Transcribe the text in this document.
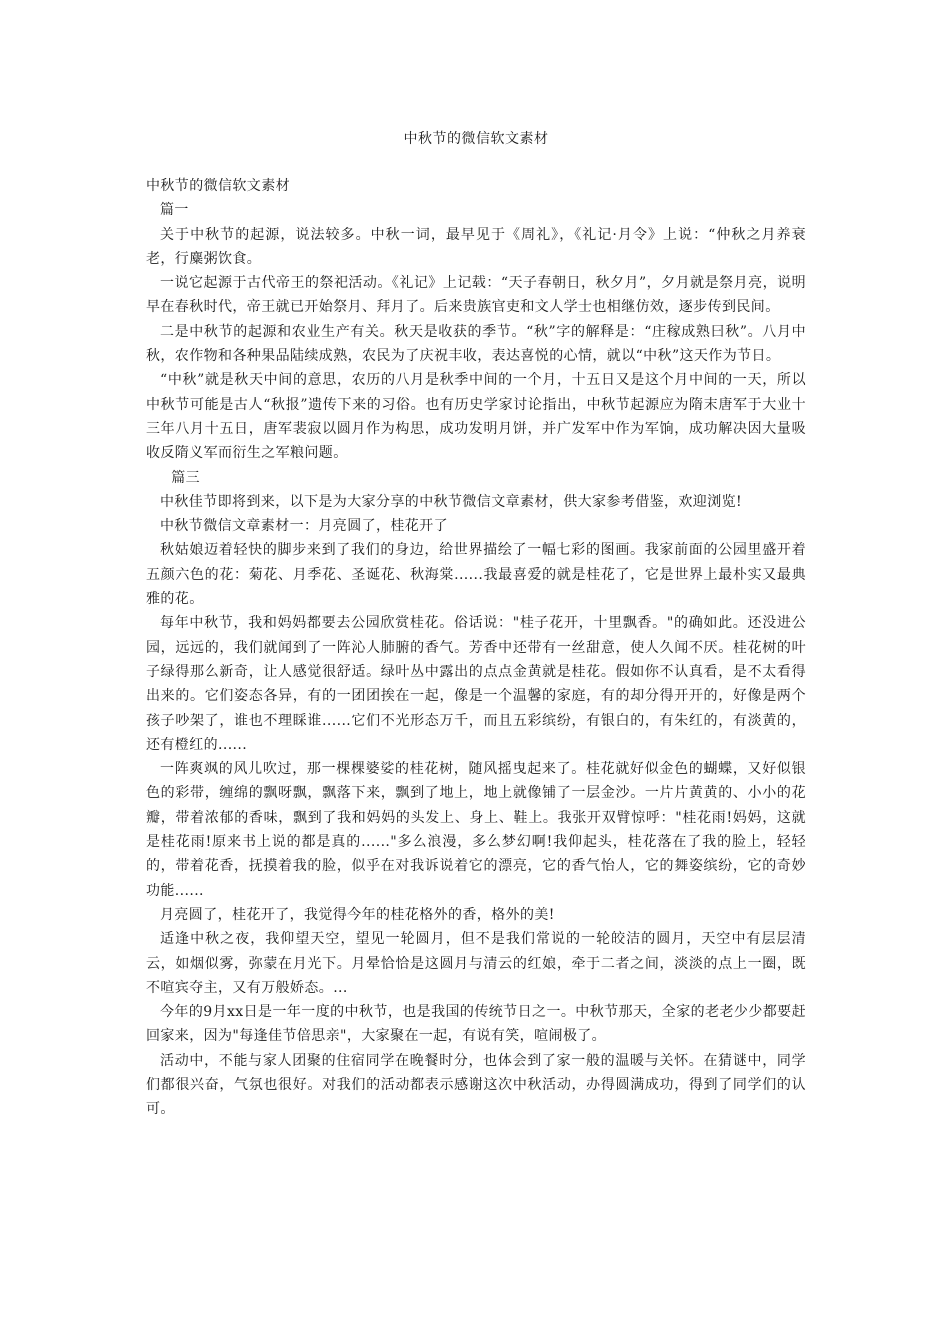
中秋节的微信软文素材

中秋节的微信软文素材

篇一

关于中秋节的起源，说法较多。中秋一词，最早见于《周礼》，《礼记·月令》上说：“仲秋之月养衰老，行麋粥饮食。

一说它起源于古代帝王的祭祀活动。《礼记》上记载：“天子春朝日，秋夕月”，夕月就是祭月亮，说明早在春秋时代，帝王就已开始祭月、拜月了。后来贵族官吏和文人学士也相继仿效，逐步传到民间。

二是中秋节的起源和农业生产有关。秋天是收获的季节。“秋”字的解释是：“庄稼成熟曰秋”。八月中秋，农作物和各种果品陆续成熟，农民为了庆祝丰收，表达喜悦的心情，就以“中秋”这天作为节日。

“中秋”就是秋天中间的意思，农历的八月是秋季中间的一个月，十五日又是这个月中间的一天，所以中秋节可能是古人“秋报”遗传下来的习俗。也有历史学家讨论指出，中秋节起源应为隋末唐军于大业十三年八月十五日，唐军裴寂以圆月作为构思，成功发明月饼，并广发军中作为军饷，成功解决因大量吸收反隋义军而衍生之军粮问题。

篇三

中秋佳节即将到来，以下是为大家分享的中秋节微信文章素材，供大家参考借鉴，欢迎浏览!

中秋节微信文章素材一：月亮圆了，桂花开了

秋姑娘迈着轻快的脚步来到了我们的身边，给世界描绘了一幅七彩的图画。我家前面的公园里盛开着五颜六色的花：菊花、月季花、圣诞花、秋海棠......我最喜爱的就是桂花了，它是世界上最朴实又最典雅的花。

每年中秋节，我和妈妈都要去公园欣赏桂花。俗话说："桂子花开，十里飘香。"的确如此。还没进公园，远远的，我们就闻到了一阵沁人肺腑的香气。芳香中还带有一丝甜意，使人久闻不厌。桂花树的叶子绿得那么新奇，让人感觉很舒适。绿叶丛中露出的点点金黄就是桂花。假如你不认真看，是不太看得出来的。它们姿态各异，有的一团团挨在一起，像是一个温馨的家庭，有的却分得开开的，好像是两个孩子吵架了，谁也不理睬谁......它们不光形态万千，而且五彩缤纷，有银白的，有朱红的，有淡黄的，还有橙红的......

一阵爽飒的风儿吹过，那一棵棵婆娑的桂花树，随风摇曳起来了。桂花就好似金色的蝴蝶，又好似银色的彩带，缠绵的飘呀飘，飘落下来，飘到了地上，地上就像铺了一层金沙。一片片黄黄的、小小的花瓣，带着浓郁的香味，飘到了我和妈妈的头发上、身上、鞋上。我张开双臂惊呼："桂花雨!妈妈，这就是桂花雨!原来书上说的都是真的......"多么浪漫，多么梦幻啊!我仰起头，桂花落在了我的脸上，轻轻的，带着花香，抚摸着我的脸，似乎在对我诉说着它的漂亮，它的香气怡人，它的舞姿缤纷，它的奇妙功能......

月亮圆了，桂花开了，我觉得今年的桂花格外的香，格外的美!

适逢中秋之夜，我仰望天空，望见一轮圆月，但不是我们常说的一轮皎洁的圆月，天空中有层层清云，如烟似雾，弥蒙在月光下。月晕恰恰是这圆月与清云的红娘，牵于二者之间，淡淡的点上一圈，既不喧宾夺主，又有万般娇态。...

今年的9月xx日是一年一度的中秋节，也是我国的传统节日之一。中秋节那天，全家的老老少少都要赶回家来，因为"每逢佳节倍思亲"，大家聚在一起，有说有笑，喧闹极了。

活动中，不能与家人团聚的住宿同学在晚餐时分，也体会到了家一般的温暖与关怀。在猜谜中，同学们都很兴奋，气氛也很好。对我们的活动都表示感谢这次中秋活动，办得圆满成功，得到了同学们的认可。
